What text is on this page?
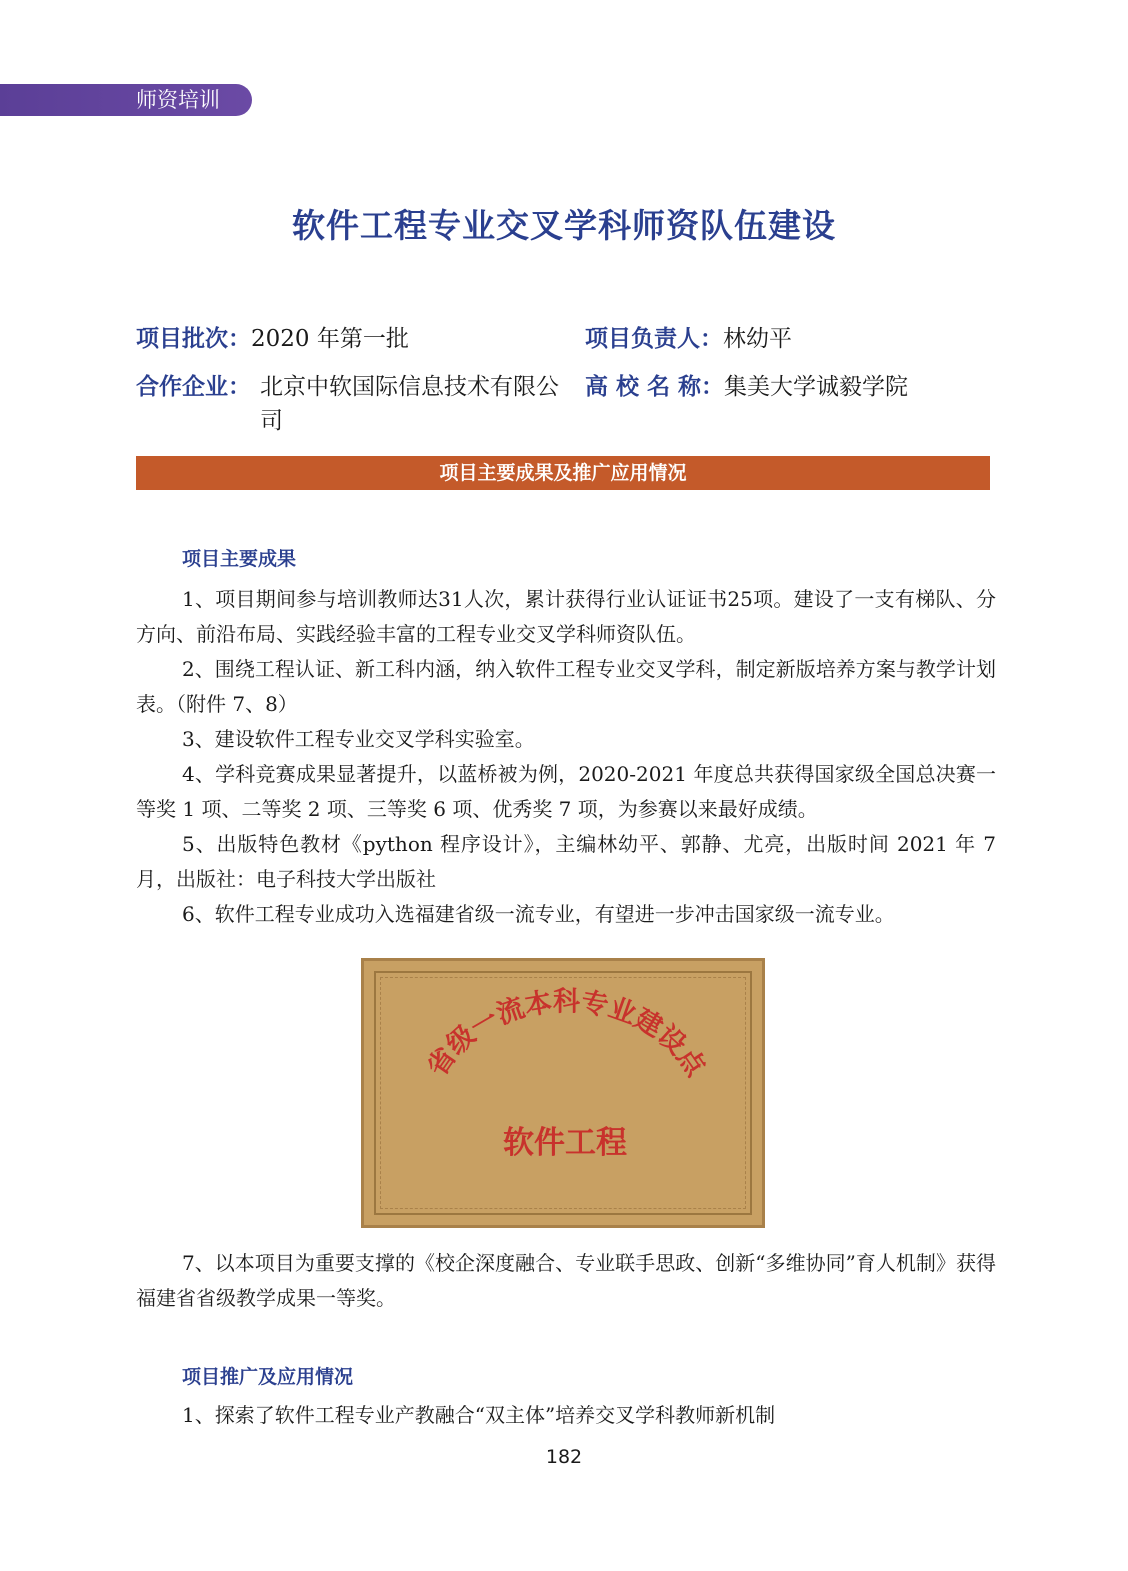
师资培训
软件工程专业交叉学科师资队伍建设
项目批次：2020 年第一批	项目负责人：林幼平
合作企业： 北京中软国际信息技术有限公司
高 校 名 称：集美大学诚毅学院
项目主要成果及推广应用情况
项目主要成果

1、项目期间参与培训教师达31人次，累计获得行业认证证书25项。建设了一支有梯队、分方向、前沿布局、实践经验丰富的工程专业交叉学科师资队伍。

2、围绕工程认证、新工科内涵，纳入软件工程专业交叉学科，制定新版培养方案与教学计划表。（附件 7、8）

3、建设软件工程专业交叉学科实验室。

4、学科竞赛成果显著提升，以蓝桥被为例，2020-2021 年度总共获得国家级全国总决赛一等奖 1 项、二等奖 2 项、三等奖 6 项、优秀奖 7 项，为参赛以来最好成绩。

5、出版特色教材《python 程序设计》，主编林幼平、郭静、尤亮，出版时间 2021 年 7 月，出版社：电子科技大学出版社

6、软件工程专业成功入选福建省级一流专业，有望进一步冲击国家级一流专业。

省级一流本科专业建设点
软件工程

7、以本项目为重要支撑的《校企深度融合、专业联手思政、创新“多维协同”育人机制》获得福建省省级教学成果一等奖。

项目推广及应用情况

1、探索了软件工程专业产教融合“双主体”培养交叉学科教师新机制

182
